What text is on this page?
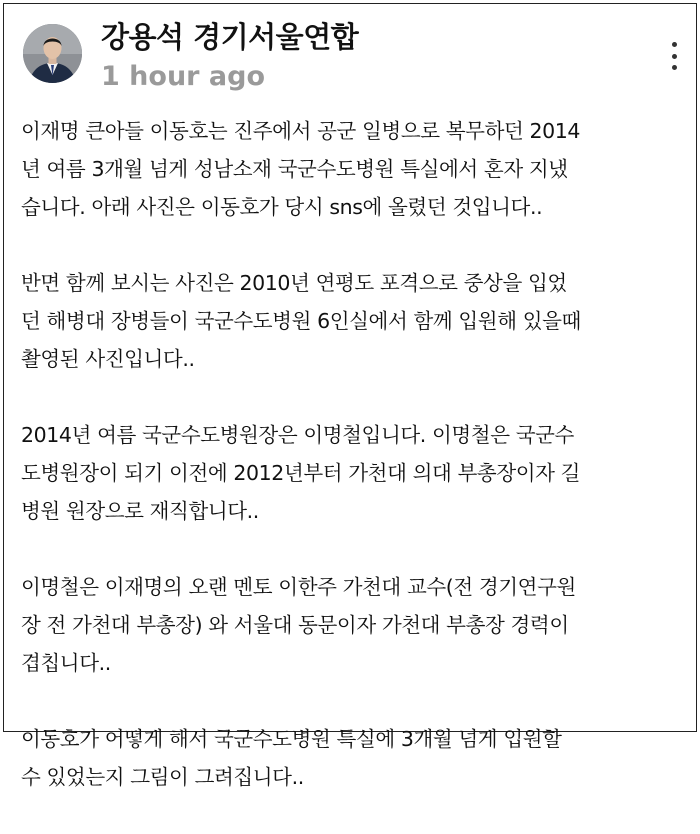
강용석 경기서울연합
1 hour ago

이재명 큰아들 이동호는 진주에서 공군 일병으로 복무하던 2014
년 여름 3개월 넘게 성남소재 국군수도병원 특실에서 혼자 지냈
습니다. 아래 사진은 이동호가 당시 sns에 올렸던 것입니다..

반면 함께 보시는 사진은 2010년 연평도 포격으로 중상을 입었
던 해병대 장병들이 국군수도병원 6인실에서 함께 입원해 있을때
촬영된 사진입니다..

2014년 여름 국군수도병원장은 이명철입니다. 이명철은 국군수
도병원장이 되기 이전에 2012년부터 가천대 의대 부총장이자 길
병원 원장으로 재직합니다..

이명철은 이재명의 오랜 멘토 이한주 가천대 교수(전 경기연구원
장 전 가천대 부총장) 와 서울대 동문이자 가천대 부총장 경력이
겹칩니다..

이동호가 어떻게 해서 국군수도병원 특실에 3개월 넘게 입원할
수 있었는지 그림이 그려집니다..
